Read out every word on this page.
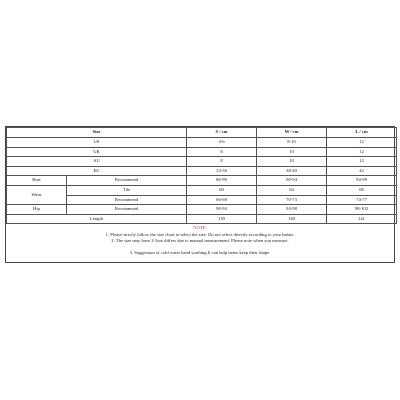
Size		S / cm	M / cm	L / cm
US		4-6	8-10	12
UK		8	10	12
AU		8	10	12
EU		34-36	38-40	42
Bust	Recommend	86-90	90-94	94-98
Waist	Tile	60	64	68
	Recommend	66-69	70-73	74-77
Hip	Recommend	90-94	94-98	98-102
Length		139	140	141
NOTE:
1. Please strictly follow the size chart to select the size. Do not select directly according to your habits.
2. The size may have 2-3cm differs due to manual measurement. Please note when you measure.
3. Suggestion of cold water hand washing.It can help items keep their shape.
